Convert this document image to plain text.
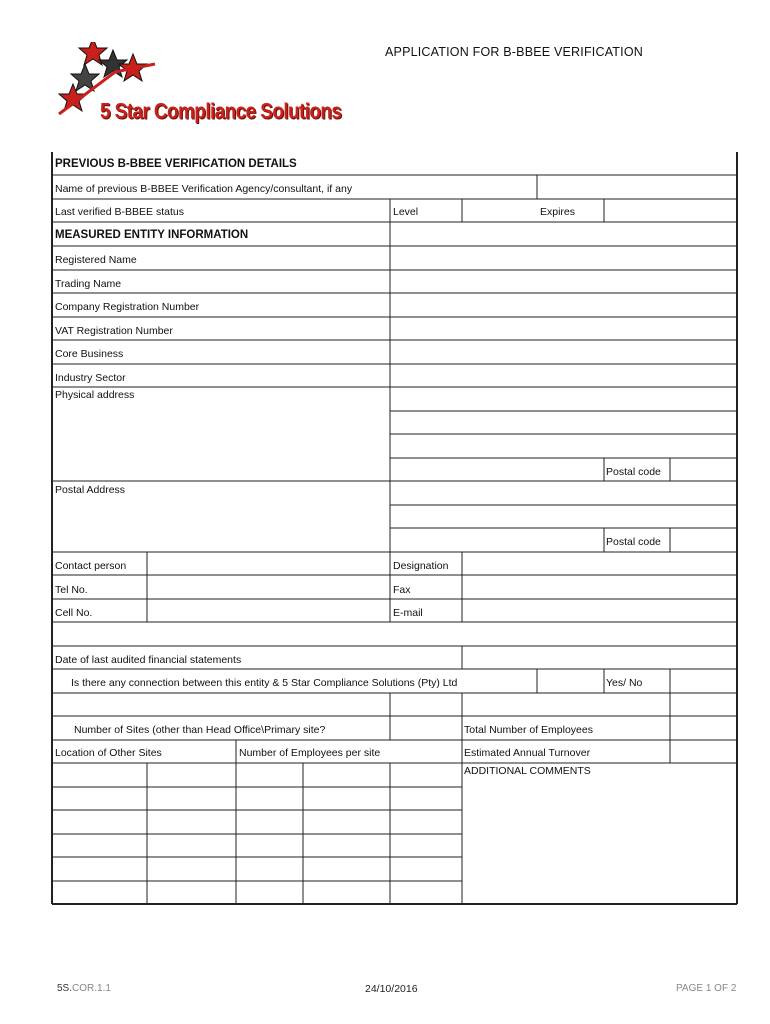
APPLICATION FOR B-BBEE VERIFICATION
5 Star Compliance Solutions
PREVIOUS B-BBEE VERIFICATION DETAILS
Name of previous B-BBEE Verification Agency/consultant, if any
Last verified B-BBEE status	Level	Expires
MEASURED ENTITY INFORMATION
Registered Name
Trading Name
Company Registration Number
VAT Registration Number
Core Business
Industry Sector
Physical address
Postal code
Postal Address
Postal code
Contact person	Designation
Tel No.	Fax
Cell No.	E-mail
Date of last audited financial statements
Is there any connection between this entity & 5 Star Compliance Solutions (Pty) Ltd	Yes/ No
Number of Sites (other than Head Office\Primary site?	Total Number of Employees
Location of Other Sites	Number of Employees per site	Estimated Annual Turnover
ADDITIONAL COMMENTS
5S.COR.1.1	24/10/2016	PAGE 1 OF 2
